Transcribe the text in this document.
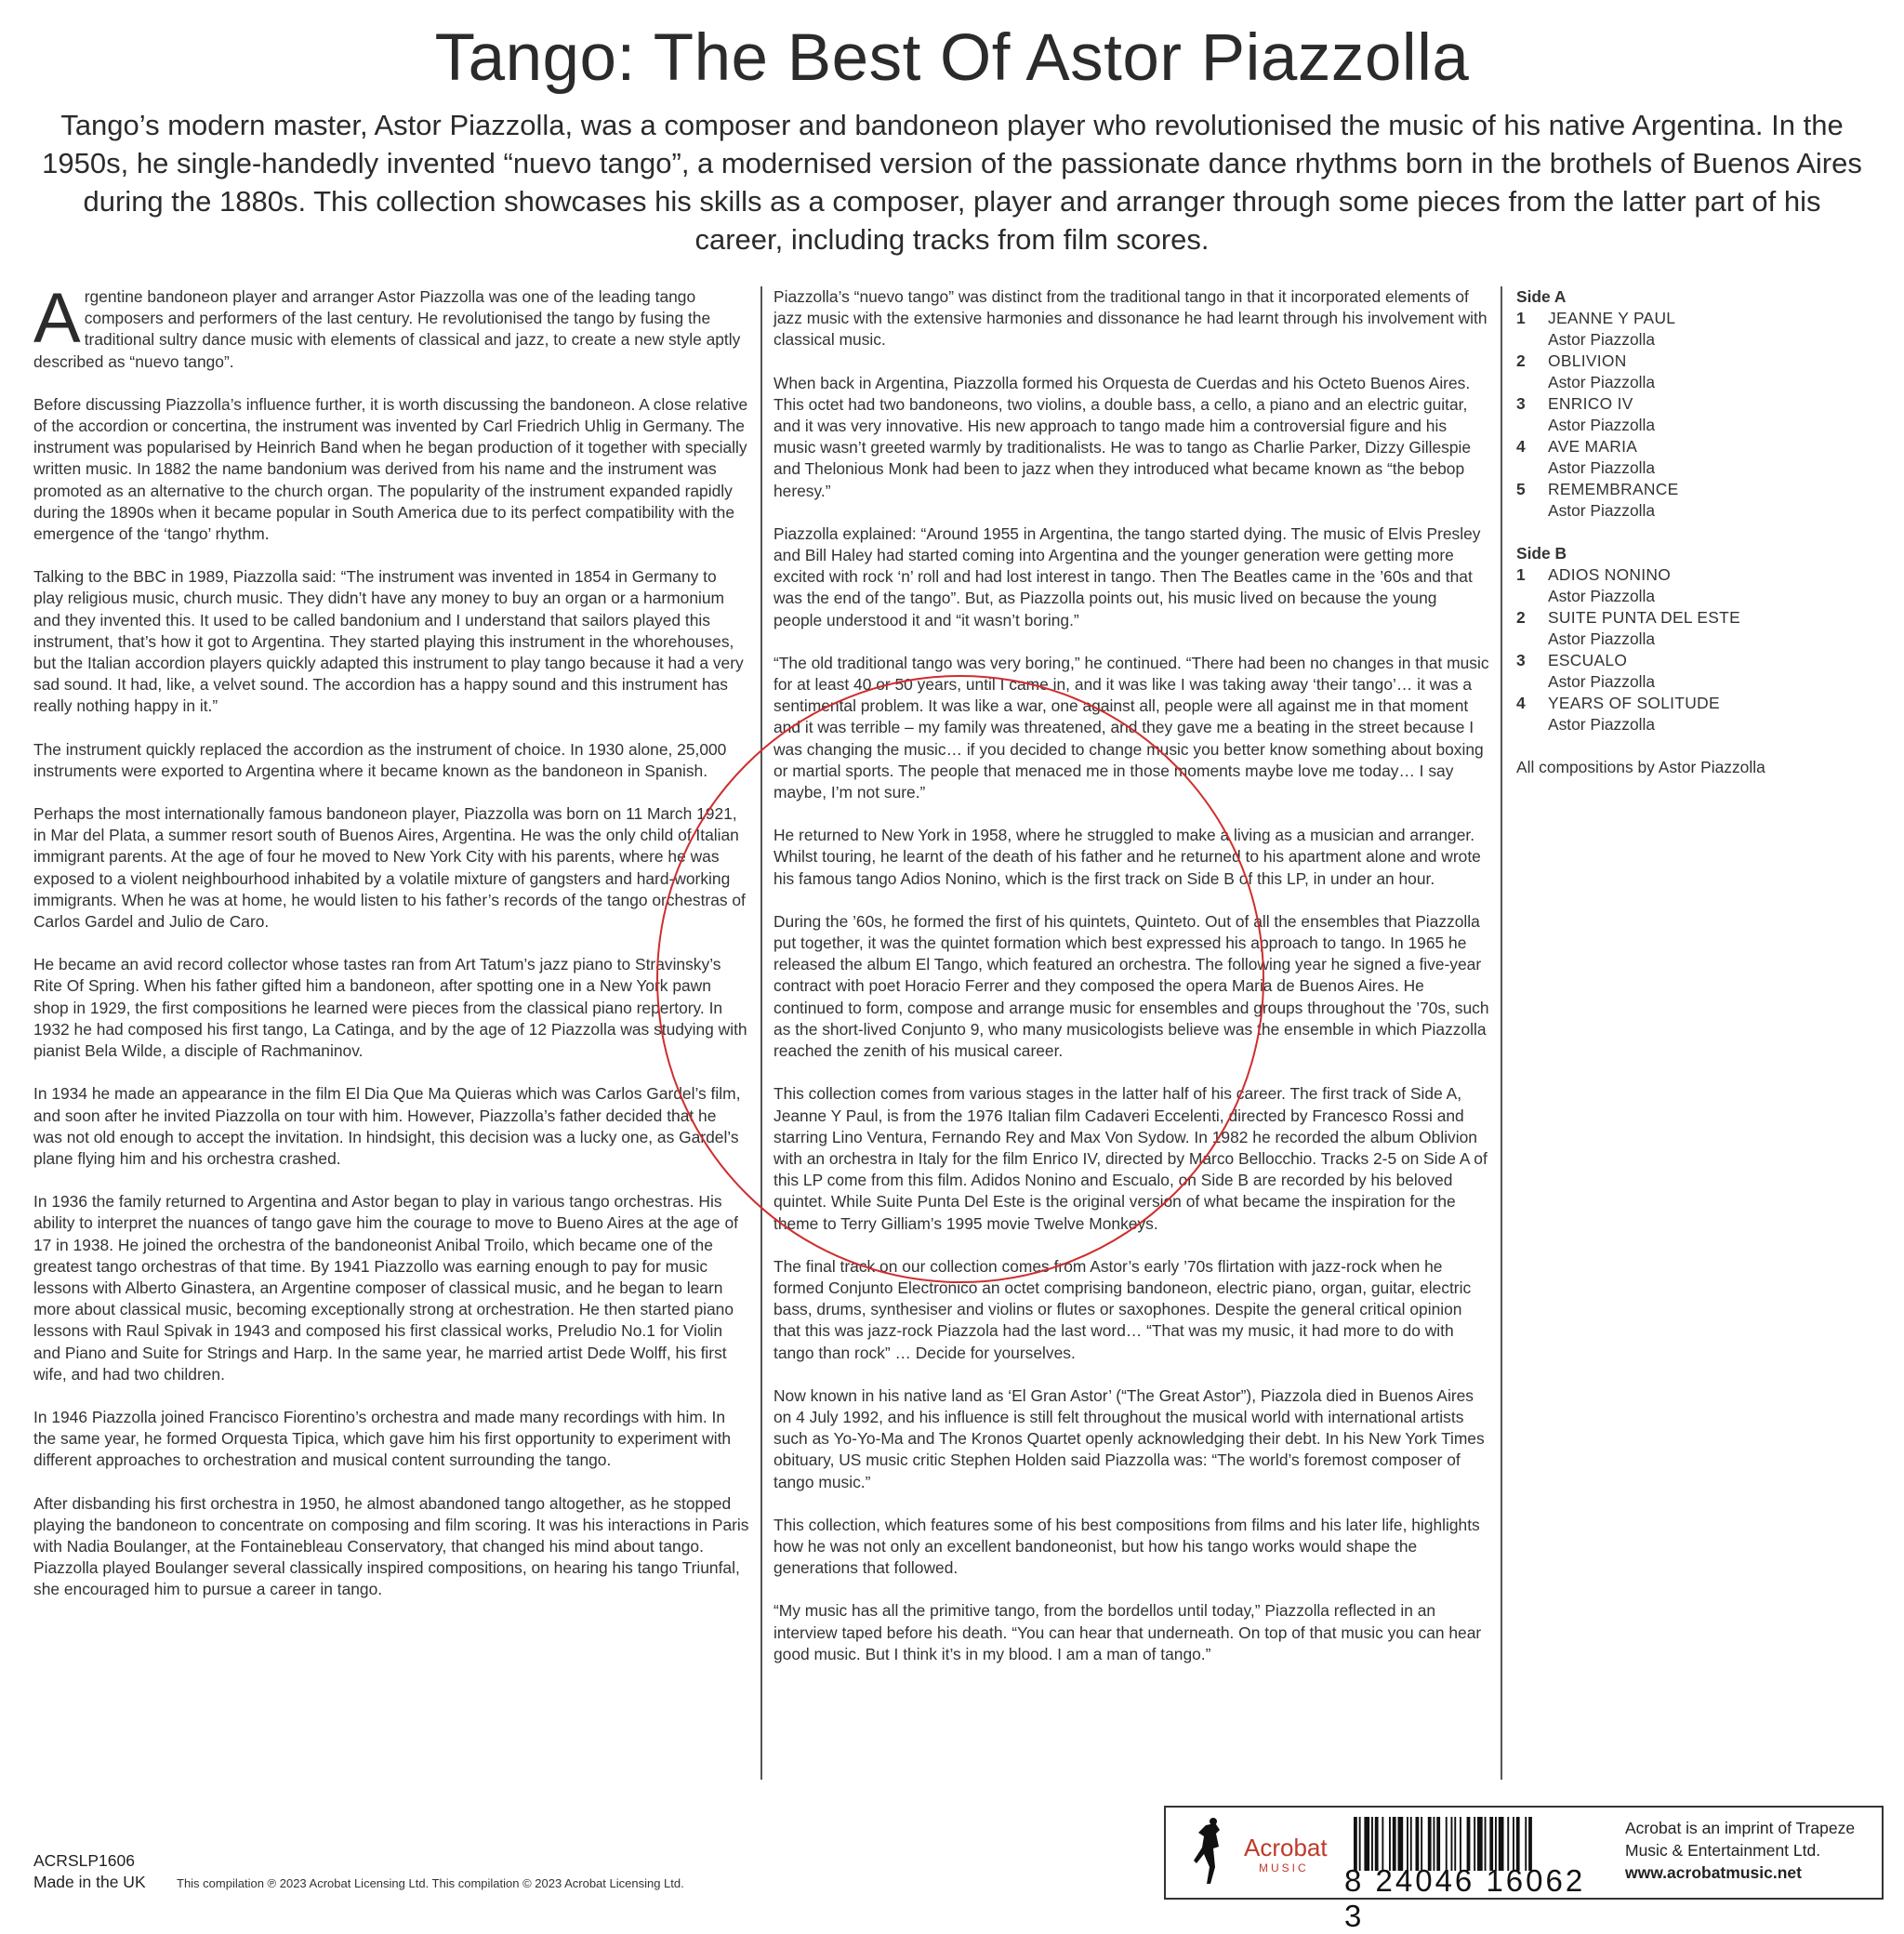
Tango: The Best Of Astor Piazzolla

Tango’s modern master, Astor Piazzolla, was a composer and bandoneon player who revolutionised the music of his native Argentina. In the 1950s, he single-handedly invented “nuevo tango”, a modernised version of the passionate dance rhythms born in the brothels of Buenos Aires during the 1880s. This collection showcases his skills as a composer, player and arranger through some pieces from the latter part of his career, including tracks from film scores.

Argentine bandoneon player and arranger Astor Piazzolla was one of the leading tango composers and performers of the last century. He revolutionised the tango by fusing the traditional sultry dance music with elements of classical and jazz, to create a new style aptly described as “nuevo tango”.

Before discussing Piazzolla’s influence further, it is worth discussing the bandoneon. A close relative of the accordion or concertina, the instrument was invented by Carl Friedrich Uhlig in Germany. The instrument was popularised by Heinrich Band when he began production of it together with specially written music. In 1882 the name bandonium was derived from his name and the instrument was promoted as an alternative to the church organ. The popularity of the instrument expanded rapidly during the 1890s when it became popular in South America due to its perfect compatibility with the emergence of the ‘tango’ rhythm.

Talking to the BBC in 1989, Piazzolla said: “The instrument was invented in 1854 in Germany to play religious music, church music. They didn’t have any money to buy an organ or a harmonium and they invented this. It used to be called bandonium and I understand that sailors played this instrument, that’s how it got to Argentina. They started playing this instrument in the whorehouses, but the Italian accordion players quickly adapted this instrument to play tango because it had a very sad sound. It had, like, a velvet sound. The accordion has a happy sound and this instrument has really nothing happy in it.”

The instrument quickly replaced the accordion as the instrument of choice. In 1930 alone, 25,000 instruments were exported to Argentina where it became known as the bandoneon in Spanish.

Perhaps the most internationally famous bandoneon player, Piazzolla was born on 11 March 1921, in Mar del Plata, a summer resort south of Buenos Aires, Argentina. He was the only child of Italian immigrant parents. At the age of four he moved to New York City with his parents, where he was exposed to a violent neighbourhood inhabited by a volatile mixture of gangsters and hard-working immigrants. When he was at home, he would listen to his father’s records of the tango orchestras of Carlos Gardel and Julio de Caro.

He became an avid record collector whose tastes ran from Art Tatum’s jazz piano to Stravinsky’s Rite Of Spring. When his father gifted him a bandoneon, after spotting one in a New York pawn shop in 1929, the first compositions he learned were pieces from the classical piano repertory. In 1932 he had composed his first tango, La Catinga, and by the age of 12 Piazzolla was studying with pianist Bela Wilde, a disciple of Rachmaninov.

In 1934 he made an appearance in the film El Dia Que Ma Quieras which was Carlos Gardel’s film, and soon after he invited Piazzolla on tour with him. However, Piazzolla’s father decided that he was not old enough to accept the invitation. In hindsight, this decision was a lucky one, as Gardel’s plane flying him and his orchestra crashed.

In 1936 the family returned to Argentina and Astor began to play in various tango orchestras. His ability to interpret the nuances of tango gave him the courage to move to Bueno Aires at the age of 17 in 1938. He joined the orchestra of the bandoneonist Anibal Troilo, which became one of the greatest tango orchestras of that time. By 1941 Piazzollo was earning enough to pay for music lessons with Alberto Ginastera, an Argentine composer of classical music, and he began to learn more about classical music, becoming exceptionally strong at orchestration. He then started piano lessons with Raul Spivak in 1943 and composed his first classical works, Preludio No.1 for Violin and Piano and Suite for Strings and Harp. In the same year, he married artist Dede Wolff, his first wife, and had two children.

In 1946 Piazzolla joined Francisco Fiorentino’s orchestra and made many recordings with him. In the same year, he formed Orquesta Tipica, which gave him his first opportunity to experiment with different approaches to orchestration and musical content surrounding the tango.

After disbanding his first orchestra in 1950, he almost abandoned tango altogether, as he stopped playing the bandoneon to concentrate on composing and film scoring. It was his interactions in Paris with Nadia Boulanger, at the Fontainebleau Conservatory, that changed his mind about tango. Piazzolla played Boulanger several classically inspired compositions, on hearing his tango Triunfal, she encouraged him to pursue a career in tango.

Piazzolla’s “nuevo tango” was distinct from the traditional tango in that it incorporated elements of jazz music with the extensive harmonies and dissonance he had learnt through his involvement with classical music.

When back in Argentina, Piazzolla formed his Orquesta de Cuerdas and his Octeto Buenos Aires. This octet had two bandoneons, two violins, a double bass, a cello, a piano and an electric guitar, and it was very innovative. His new approach to tango made him a controversial figure and his music wasn’t greeted warmly by traditionalists. He was to tango as Charlie Parker, Dizzy Gillespie and Thelonious Monk had been to jazz when they introduced what became known as “the bebop heresy.”

Piazzolla explained: “Around 1955 in Argentina, the tango started dying. The music of Elvis Presley and Bill Haley had started coming into Argentina and the younger generation were getting more excited with rock ‘n’ roll and had lost interest in tango. Then The Beatles came in the ’60s and that was the end of the tango”. But, as Piazzolla points out, his music lived on because the young people understood it and “it wasn’t boring.”

“The old traditional tango was very boring,” he continued. “There had been no changes in that music for at least 40 or 50 years, until I came in, and it was like I was taking away ‘their tango’… it was a sentimental problem. It was like a war, one against all, people were all against me in that moment and it was terrible – my family was threatened, and they gave me a beating in the street because I was changing the music… if you decided to change music you better know something about boxing or martial sports. The people that menaced me in those moments maybe love me today… I say maybe, I’m not sure.”

He returned to New York in 1958, where he struggled to make a living as a musician and arranger. Whilst touring, he learnt of the death of his father and he returned to his apartment alone and wrote his famous tango Adios Nonino, which is the first track on Side B of this LP, in under an hour.

During the ’60s, he formed the first of his quintets, Quinteto. Out of all the ensembles that Piazzolla put together, it was the quintet formation which best expressed his approach to tango. In 1965 he released the album El Tango, which featured an orchestra. The following year he signed a five-year contract with poet Horacio Ferrer and they composed the opera Maria de Buenos Aires. He continued to form, compose and arrange music for ensembles and groups throughout the ’70s, such as the short-lived Conjunto 9, who many musicologists believe was the ensemble in which Piazzolla reached the zenith of his musical career.

This collection comes from various stages in the latter half of his career. The first track of Side A, Jeanne Y Paul, is from the 1976 Italian film Cadaveri Eccelenti, directed by Francesco Rossi and starring Lino Ventura, Fernando Rey and Max Von Sydow. In 1982 he recorded the album Oblivion with an orchestra in Italy for the film Enrico IV, directed by Marco Bellocchio. Tracks 2-5 on Side A of this LP come from this film. Adidos Nonino and Escualo, on Side B are recorded by his beloved quintet. While Suite Punta Del Este is the original version of what became the inspiration for the theme to Terry Gilliam’s 1995 movie Twelve Monkeys.

The final track on our collection comes from Astor’s early ’70s flirtation with jazz-rock when he formed Conjunto Electronico an octet comprising bandoneon, electric piano, organ, guitar, electric bass, drums, synthesiser and violins or flutes or saxophones. Despite the general critical opinion that this was jazz-rock Piazzola had the last word… “That was my music, it had more to do with tango than rock” … Decide for yourselves.

Now known in his native land as ‘El Gran Astor’ (“The Great Astor”), Piazzola died in Buenos Aires on 4 July 1992, and his influence is still felt throughout the musical world with international artists such as Yo-Yo-Ma and The Kronos Quartet openly acknowledging their debt. In his New York Times obituary, US music critic Stephen Holden said Piazzolla was: “The world’s foremost composer of tango music.”

This collection, which features some of his best compositions from films and his later life, highlights how he was not only an excellent bandoneonist, but how his tango works would shape the generations that followed.

“My music has all the primitive tango, from the bordellos until today,” Piazzolla reflected in an interview taped before his death. “You can hear that underneath. On top of that music you can hear good music. But I think it’s in my blood. I am a man of tango.”

Side A

1	JEANNE Y PAUL

Astor Piazzolla

2	OBLIVION

Astor Piazzolla

3	ENRICO IV

Astor Piazzolla

4	AVE MARIA

Astor Piazzolla

5	REMEMBRANCE

Astor Piazzolla

Side B

1	ADIOS NONINO

Astor Piazzolla

2	SUITE PUNTA DEL ESTE

Astor Piazzolla

3	ESCUALO

Astor Piazzolla

4	YEARS OF SOLITUDE

Astor Piazzolla

All compositions by Astor Piazzolla

ACRSLP1606
Made in the UK	This compilation ℗ 2023 Acrobat Licensing Ltd. This compilation © 2023 Acrobat Licensing Ltd.
Acrobat
MUSIC 8 24046 16062 3
Acrobat is an imprint of Trapeze Music & Entertainment Ltd.
www.acrobatmusic.net
